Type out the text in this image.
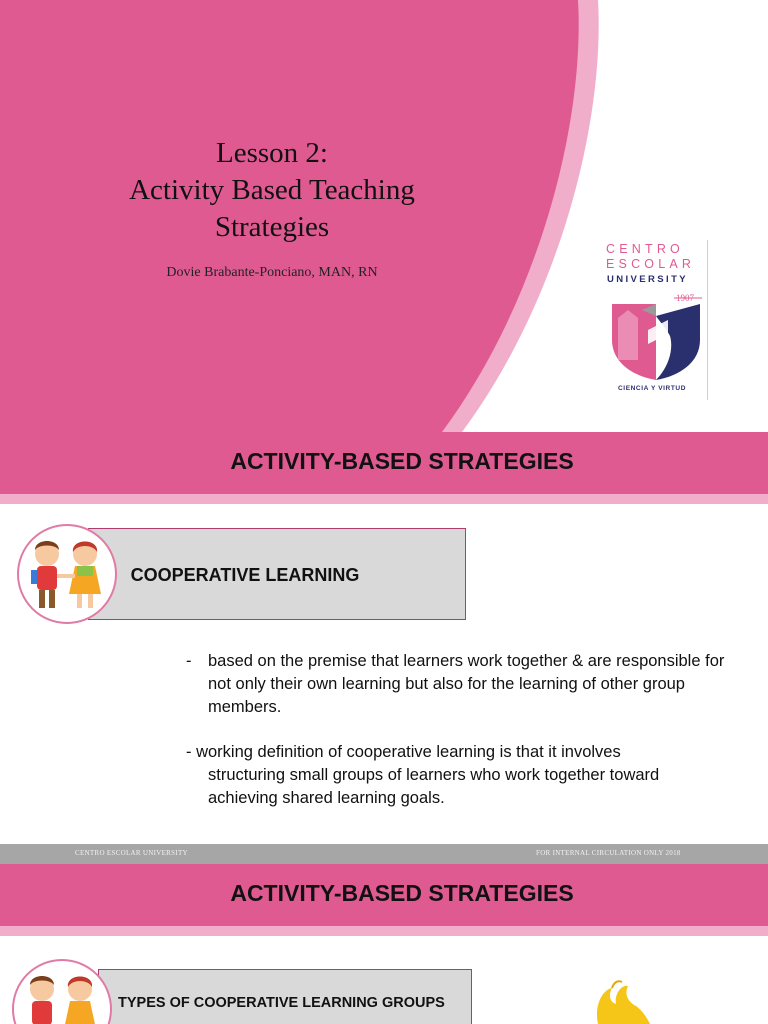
Lesson 2:
Activity Based Teaching
Strategies
Dovie Brabante-Ponciano, MAN, RN
CENTRO
ESCOLAR
UNIVERSITY
1907
CIENCIA Y VIRTUD
ACTIVITY-BASED STRATEGIES
COOPERATIVE LEARNING
- based on the premise that learners work together & are responsible for not only their own learning but also for the learning of other group members.
- working definition of cooperative learning is that it involves
structuring small groups of learners who work together toward achieving shared learning goals.
CENTRO ESCOLAR UNIVERSITY	FOR INTERNAL CIRCULATION ONLY 2018
ACTIVITY-BASED STRATEGIES
TYPES OF COOPERATIVE LEARNING GROUPS
